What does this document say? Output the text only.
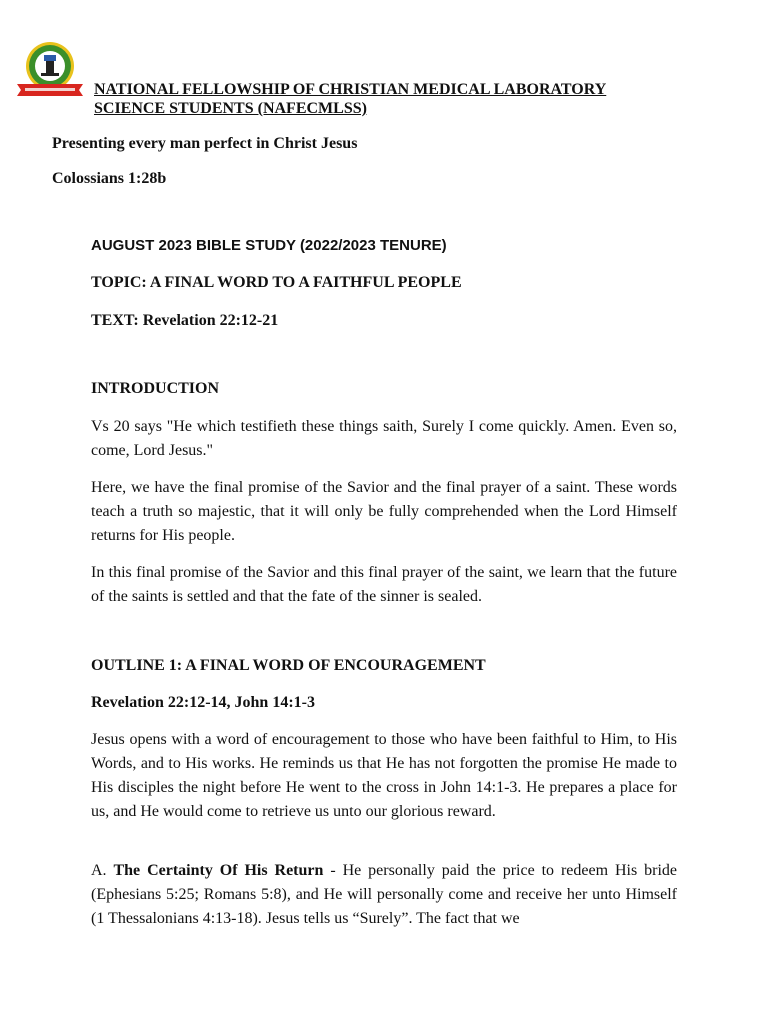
NATIONAL FELLOWSHIP OF CHRISTIAN MEDICAL LABORATORY
SCIENCE STUDENTS (NAFECMLSS)
Presenting every man perfect in Christ Jesus
Colossians 1:28b
AUGUST 2023 BIBLE STUDY (2022/2023 TENURE)
TOPIC: A FINAL WORD TO A FAITHFUL PEOPLE
TEXT: Revelation 22:12-21
INTRODUCTION
Vs 20 says "He which testifieth these things saith, Surely I come quickly. Amen. Even so, come, Lord Jesus."
Here, we have the final promise of the Savior and the final prayer of a saint. These words teach a truth so majestic, that it will only be fully comprehended when the Lord Himself returns for His people.
In this final promise of the Savior and this final prayer of the saint, we learn that the future of the saints is settled and that the fate of the sinner is sealed.
OUTLINE 1: A FINAL WORD OF ENCOURAGEMENT
Revelation 22:12-14, John 14:1-3
Jesus opens with a word of encouragement to those who have been faithful to Him, to His Words, and to His works. He reminds us that He has not forgotten the promise He made to His disciples the night before He went to the cross in John 14:1-3. He prepares a place for us, and He would come to retrieve us unto our glorious reward.
A. The Certainty Of His Return - He personally paid the price to redeem His bride (Ephesians 5:25; Romans 5:8), and He will personally come and receive her unto Himself (1 Thessalonians 4:13-18). Jesus tells us “Surely”. The fact that we
